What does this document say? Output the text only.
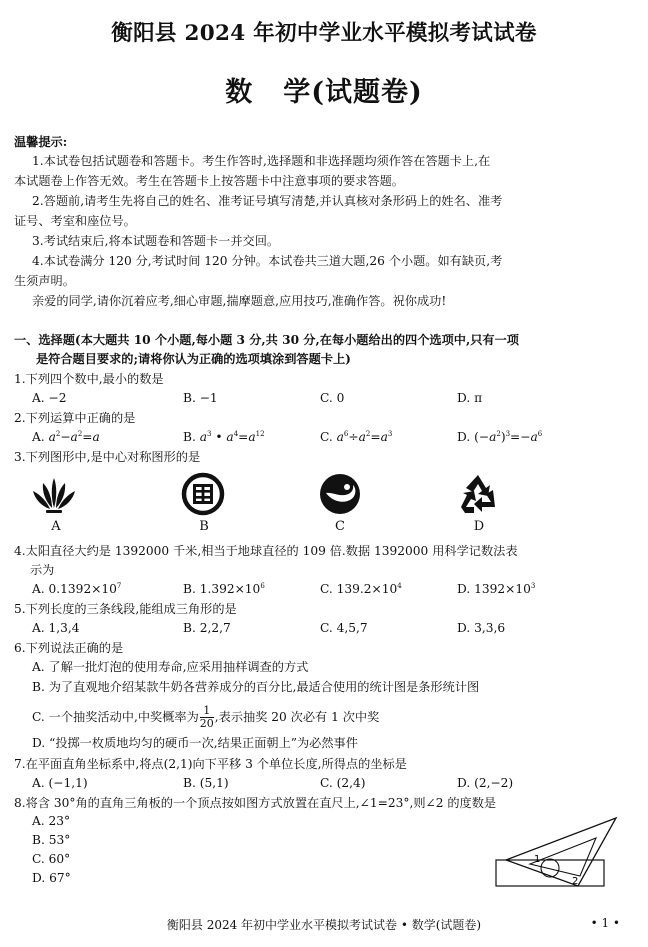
衡阳县 2024 年初中学业水平模拟考试试卷
数 学(试题卷)
温馨提示:
1.本试卷包括试题卷和答题卡。考生作答时,选择题和非选择题均须作答在答题卡上,在
本试题卷上作答无效。考生在答题卡上按答题卡中注意事项的要求答题。
2.答题前,请考生先将自己的姓名、准考证号填写清楚,并认真核对条形码上的姓名、准考
证号、考室和座位号。
3.考试结束后,将本试题卷和答题卡一并交回。
4.本试卷满分 120 分,考试时间 120 分钟。本试卷共三道大题,26 个小题。如有缺页,考
生须声明。
亲爱的同学,请你沉着应考,细心审题,揣摩题意,应用技巧,准确作答。祝你成功!
一、选择题(本大题共 10 个小题,每小题 3 分,共 30 分,在每小题给出的四个选项中,只有一项
是符合题目要求的;请将你认为正确的选项填涂到答题卡上)
1.下列四个数中,最小的数是
A. −2	B. −1	C. 0	D. π
2.下列运算中正确的是
A. $a^2-a^2=a$	B. $a^3$ • $a^4=a^{12}$	C. $a^6\div a^2=a^3$	D. $(-a^2)^3=-a^6$
3.下列图形中,是中心对称图形的是
A	B	C	D
4.太阳直径大约是 1392000 千米,相当于地球直径的 109 倍.数据 1392000 用科学记数法表
示为
A. $0.1392\times 10^7$	B. $1.392\times 10^6$	C. $139.2\times 10^4$	D. $1392\times 10^3$
5.下列长度的三条线段,能组成三角形的是
A. 1,3,4	B. 2,2,7	C. 4,5,7	D. 3,3,6
6.下列说法正确的是
A. 了解一批灯泡的使用寿命,应采用抽样调查的方式
B. 为了直观地介绍某款牛奶各营养成分的百分比,最适合使用的统计图是条形统计图
C. 一个抽奖活动中,中奖概率为 $\frac{1}{20}$ ,表示抽奖 20 次必有 1 次中奖
D. “投掷一枚质地均匀的硬币一次,结果正面朝上”为必然事件
7.在平面直角坐标系中,将点(2,1)向下平移 3 个单位长度,所得点的坐标是
A. (−1,1)	B. (5,1)	C. (2,4)	D. (2,−2)
8.将含 30°角的直角三角板的一个顶点按如图方式放置在直尺上,∠1=23°,则∠2 的度数是
A. 23°
B. 53°
C. 60°
D. 67°
1
2
衡阳县 2024 年初中学业水平模拟考试试卷 • 数学(试题卷)	• 1 •
